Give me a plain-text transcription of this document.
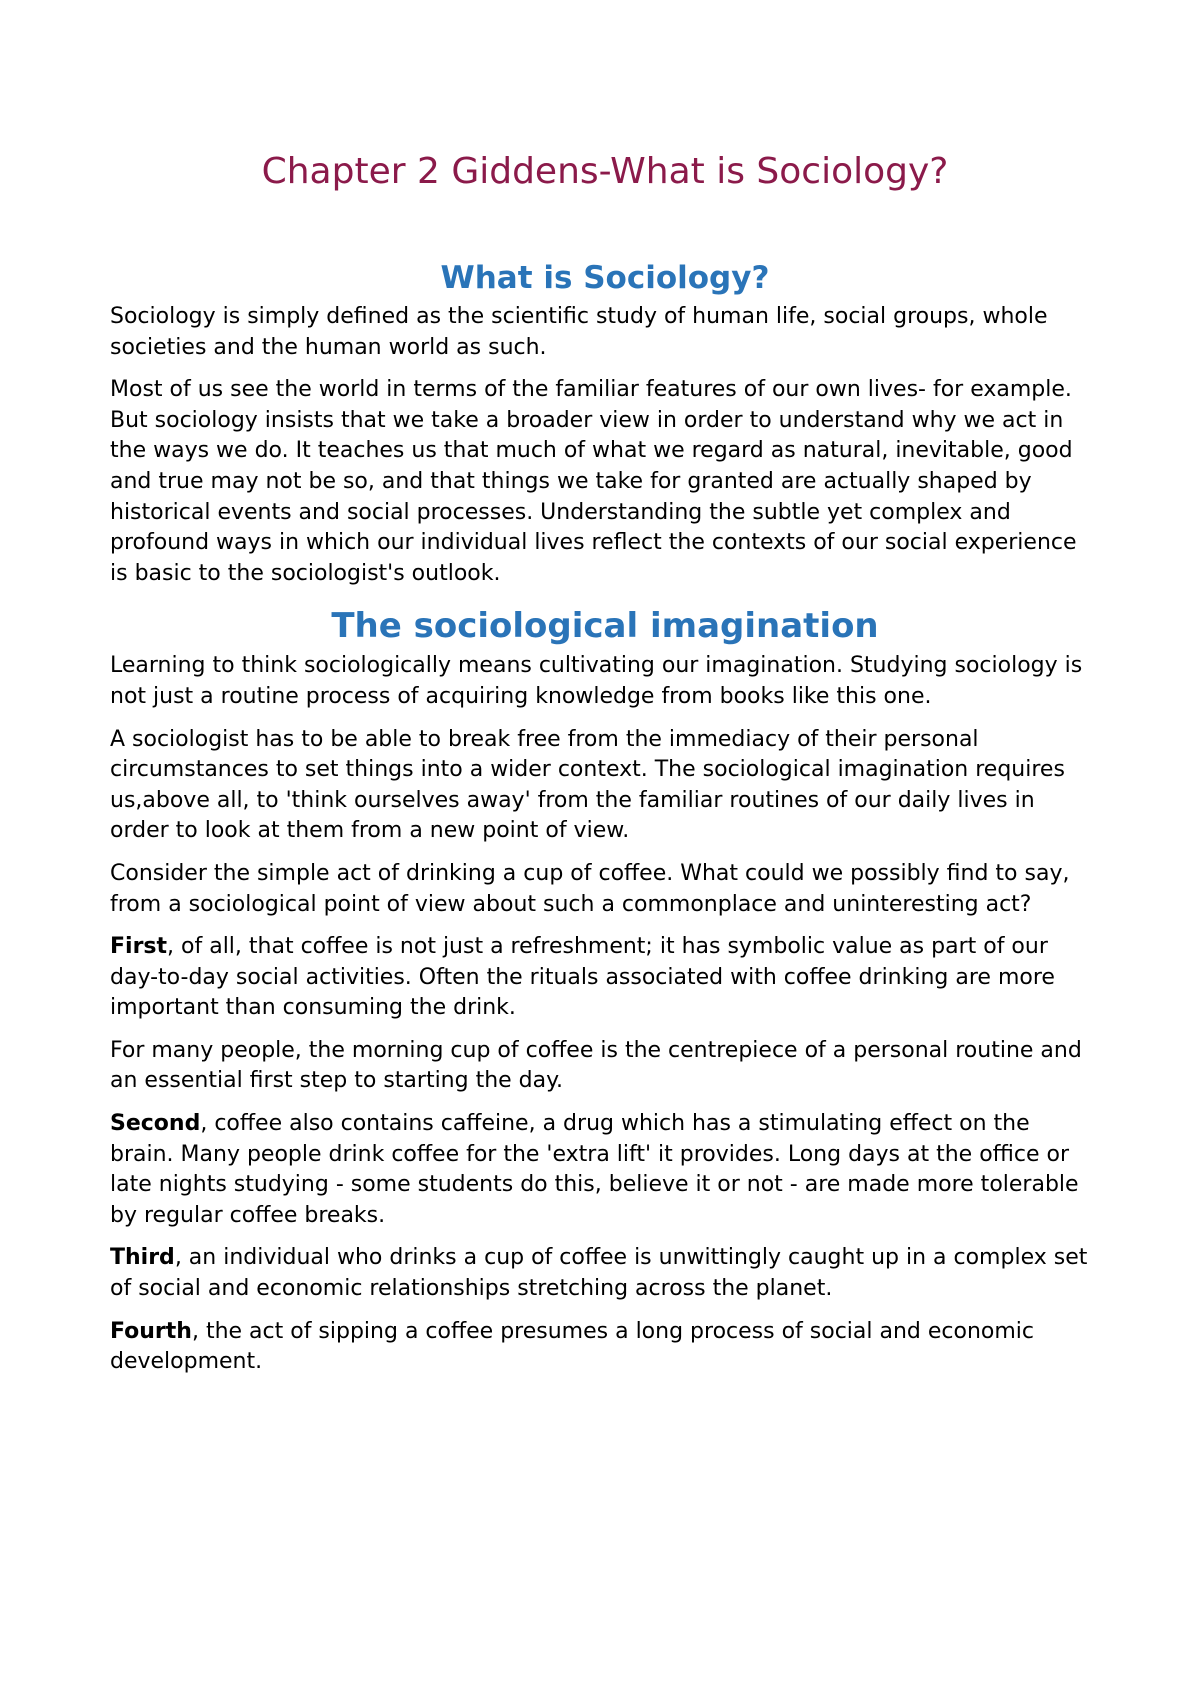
Chapter 2 Giddens-What is Sociology?
What is Sociology?

Sociology is simply defined as the scientific study of human life, social groups, whole societies and the human world as such.

Most of us see the world in terms of the familiar features of our own lives- for example. But sociology insists that we take a broader view in order to understand why we act in the ways we do. It teaches us that much of what we regard as natural, inevitable, good and true may not be so, and that things we take for granted are actually shaped by historical events and social processes. Understanding the subtle yet complex and profound ways in which our individual lives reflect the contexts of our social experience is basic to the sociologist's outlook.

The sociological imagination

Learning to think sociologically means cultivating our imagination. Studying sociology is not just a routine process of acquiring knowledge from books like this one.

A sociologist has to be able to break free from the immediacy of their personal circumstances to set things into a wider context. The sociological imagination requires us,above all, to 'think ourselves away' from the familiar routines of our daily lives in order to look at them from a new point of view.

Consider the simple act of drinking a cup of coffee. What could we possibly find to say, from a sociological point of view about such a commonplace and uninteresting act?

First, of all, that coffee is not just a refreshment; it has symbolic value as part of our day-to-day social activities. Often the rituals associated with coffee drinking are more important than consuming the drink.

For many people, the morning cup of coffee is the centrepiece of a personal routine and an essential first step to starting the day.

Second, coffee also contains caffeine, a drug which has a stimulating effect on the brain. Many people drink coffee for the 'extra lift' it provides. Long days at the office or late nights studying - some students do this, believe it or not - are made more tolerable by regular coffee breaks.

Third, an individual who drinks a cup of coffee is unwittingly caught up in a complex set of social and economic relationships stretching across the planet.

Fourth, the act of sipping a coffee presumes a long process of social and economic development.
